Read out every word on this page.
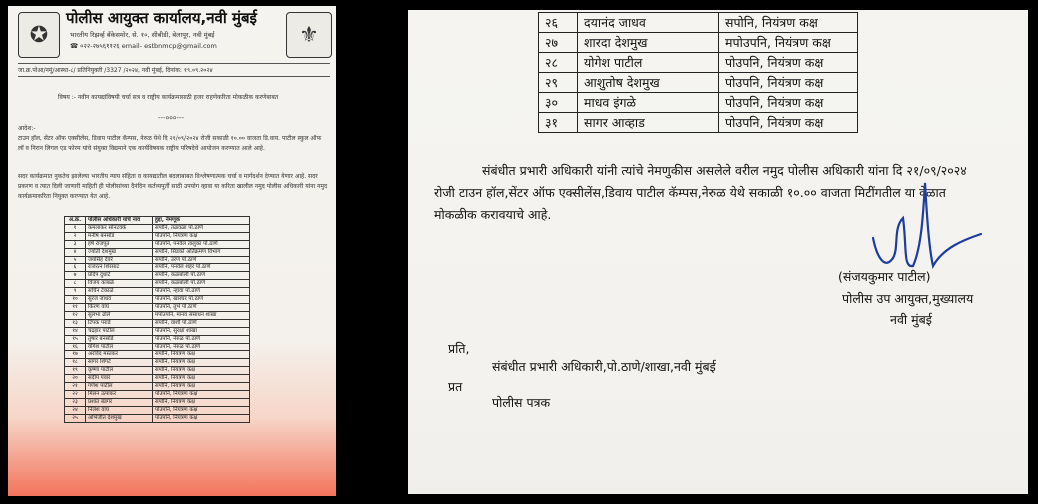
✪
पोलीस आयुक्त कार्यालय,नवी मुंबई
भारतीय रिझर्व्ह बँकेसमोर, से. १०, सीबीडी, बेलापूर, नवी मुंबई
☎ ०२२-२७५६११२६ email- estbnmcp@gmail.com	⚜
जा.क्र.पोआ/नमुं/आस्था-८/ प्रतिनियुक्ती /3327 /२०२४, नवी मुंबई, दिनांक: १९.०९.२०२४
विषय :- नवीन कायद्यांविषयी चर्चा सत्र व राष्ट्रीय कार्यक्रमासाठी हजर राहणेकरिता मोकळीक करणेबाबत
---०००---
आदेश:-
टाउन हॉल, सेंटर ऑफ एक्सीलेंस, डिवाय पाटील कॅम्पस, नेरुळ येथे दि २१/०९/२०२४ रोजी सकाळी १०.०० वाजता डि.वाय. पाटील स्कुल ऑफ लॉ व निरान लिगल एड फोरम यांचे संयुक्त विद्यमाने एक कार्यविषयक राष्ट्रीय परिषदेचे आयोजन करण्यात आले आहे.
सदर कार्यक्रमात नुकतेच झालेल्या भारतीय न्याय संहिता व कायद्यातील बदलाबाबत विश्लेषणात्मक चर्चा व मार्गदर्शन देण्यात येणार आहे. सदर प्रकरण व त्यात दिली जाणारी माहिती ही पोलीसांच्या दैनंदिन कर्तव्यपूर्ती साठी उपयोग व्हावा या करिता खालील नमुद पोलीस अधिकारी यांना नमुद कार्यक्रमाकरिता नियुक्त करण्यात येत आहे.
अ.क्र.	पोलीस अधिकारी यांचे नाव	हुद्दा, नेमणूक
१	कमलाकर सोनटक्के	सपोनि, तळवळा पो.ठाणे
२	मनीष बनसोड	पोउपनि, नियंत्रण कक्ष
३	हर्ष राजपूत	पोउपनि, पनवेल तालुका पो.ठाणे
४	ज्योती देशमुख	सपोनि, सिडको अतिक्रमण विभाग
५	जयसिंह देवरे	सपोनि, उरण पो.ठाणे
६	राजरत्न शिरसाट	सपोनि, पनवेल शहर पो.ठाणे
७	प्रदिप दुधाटे	सपोनि, कळंबोली पो.ठाणे
८	विजय कांबळे	सपोनि, कळंबोली पो.ठाणे
९	सचिन टेकाळे	पोउपनि, न्हावा पो.ठाणे
१०	सुरज जाधव	पोउपनि, खारघर पो.ठाणे
११	किरण वाघ	पोउपनि, तुर्भे पो.ठाणे
१२	सुलभा ढोले	मपोउपनि, मानव संसाधन शाखा
१३	टिपक पराडे	सपोनि, वाशी पो.ठाणे
१४	चंद्रहार पाटील	पोउपनि, सुरक्षा शाखा
१५	तुषार बनसोडे	पोउपनि, नेरुळ पो.ठाणे
१६	योगेश पाटील	पोउपनि, नेरुळ पो.ठाणे
१७	अरविंद मस्तकर	सपोनि, नियंत्रण कक्ष
१८	सागर शिंगटे	सपोनि, नियंत्रण कक्ष
१९	कृष्णा पाटील	सपोनि, नियंत्रण कक्ष
२०	संदीप पवार	सपोनि, नियंत्रण कक्ष
२१	गणेश पाटील	सपोनि, नियंत्रण कक्ष
२२	मिलन उत्पाकर	पोउपनि, नियंत्रण कक्ष
२३	प्रशांत बंडगर	सपोनि, नियंत्रण कक्ष
२४	निलेश वाघ	पोउपनि, नियंत्रण कक्ष
२५	अभिजीत देशमुख	पोउपनि, नियंत्रण कक्ष
२६	दयानंद जाधव	सपोनि, नियंत्रण कक्ष
२७	शारदा देशमुख	मपोउपनि, नियंत्रण कक्ष
२८	योगेश पाटील	पोउपनि, नियंत्रण कक्ष
२९	आशुतोष देशमुख	पोउपनि, नियंत्रण कक्ष
३०	माधव इंगळे	पोउपनि, नियंत्रण कक्ष
३१	सागर आव्हाड	पोउपनि, नियंत्रण कक्ष
संबंधीत प्रभारी अधिकारी यांनी त्यांचे नेमणुकीस असलेले वरील नमुद पोलीस अधिकारी यांना दि २१/०९/२०२४
रोजी टाउन हॉल,सेंटर ऑफ एक्सीलेंस,डिवाय पाटील कॅम्पस,नेरुळ येथे सकाळी १०.०० वाजता मिटींगतील या वेळात
मोकळीक करावयाचे आहे.
(संजयकुमार पाटील)
पोलीस उप आयुक्त,मुख्यालय
नवी मुंबई
प्रति,
संबंधीत प्रभारी अधिकारी,पो.ठाणे/शाखा,नवी मुंबई
प्रत
पोलीस पत्रक
